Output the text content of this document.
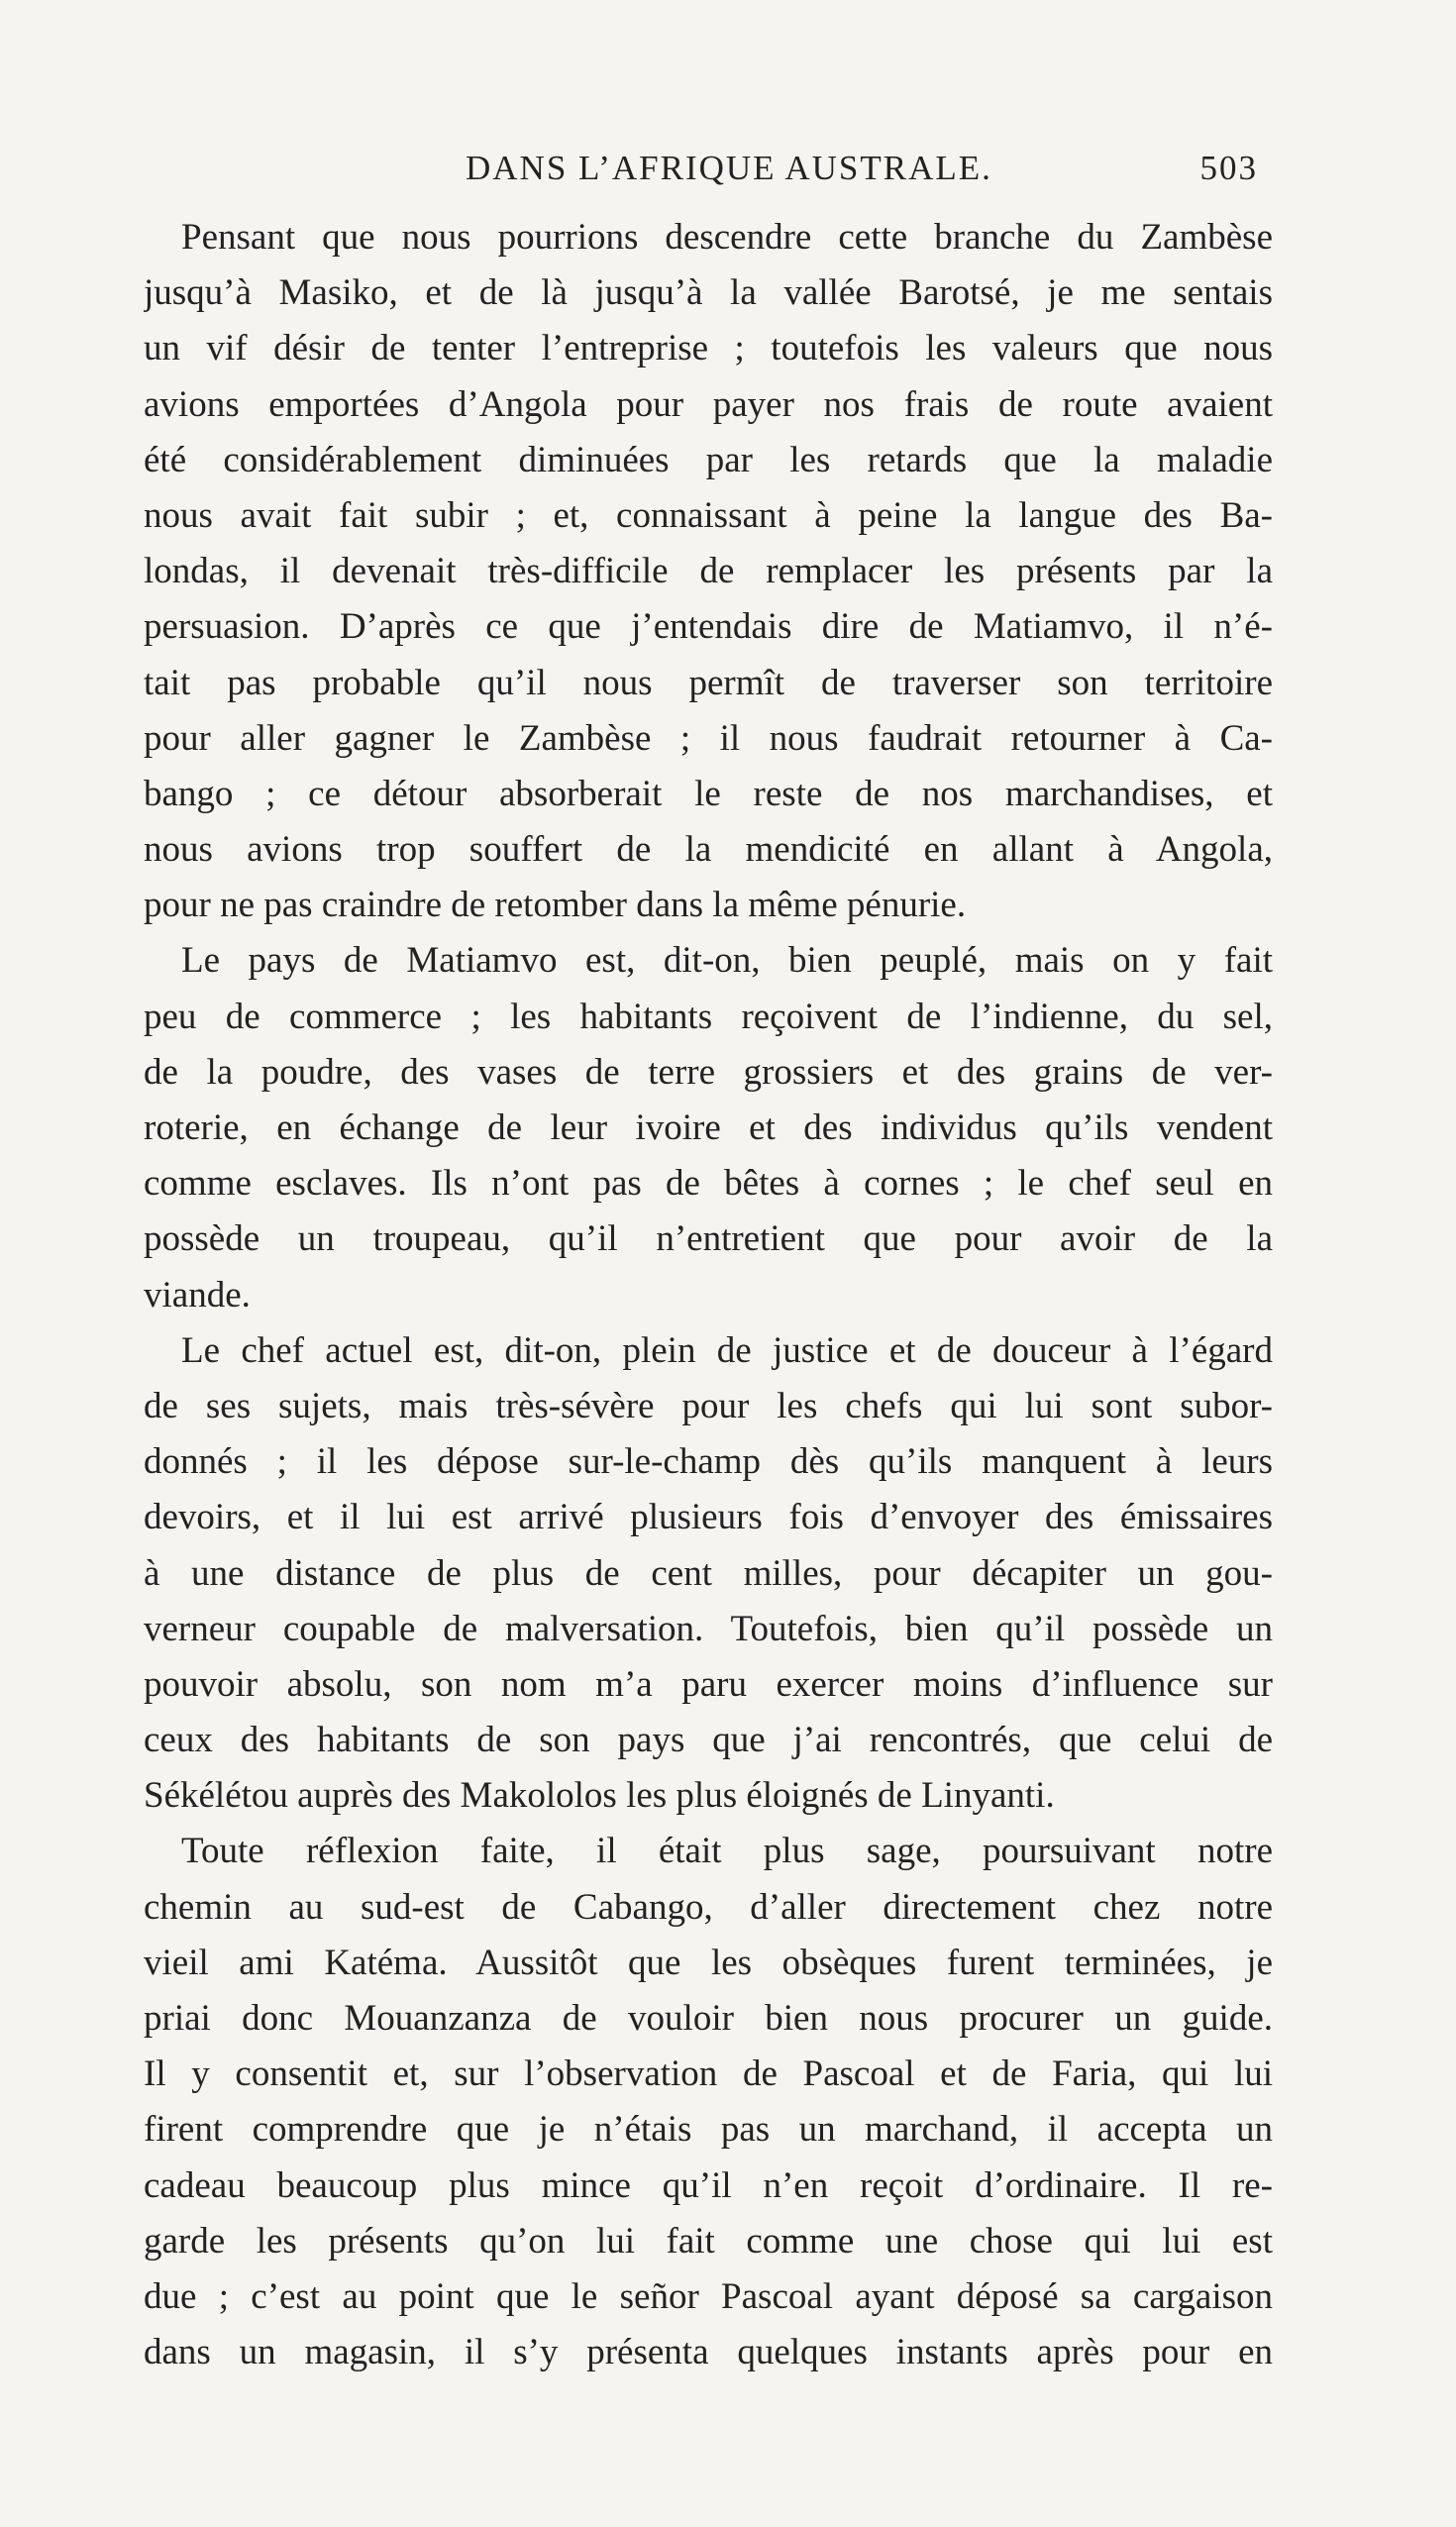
DANS L’AFRIQUE AUSTRALE.	503
Pensant que nous pourrions descendre cette branche du Zambèse
jusqu’à Masiko, et de là jusqu’à la vallée Barotsé, je me sentais
un vif désir de tenter l’entreprise ; toutefois les valeurs que nous
avions emportées d’Angola pour payer nos frais de route avaient
été considérablement diminuées par les retards que la maladie
nous avait fait subir ; et, connaissant à peine la langue des Ba-
londas, il devenait très-difficile de remplacer les présents par la
persuasion. D’après ce que j’entendais dire de Matiamvo, il n’é-
tait pas probable qu’il nous permît de traverser son territoire
pour aller gagner le Zambèse ; il nous faudrait retourner à Ca-
bango ; ce détour absorberait le reste de nos marchandises, et
nous avions trop souffert de la mendicité en allant à Angola,
pour ne pas craindre de retomber dans la même pénurie.
Le pays de Matiamvo est, dit-on, bien peuplé, mais on y fait
peu de commerce ; les habitants reçoivent de l’indienne, du sel,
de la poudre, des vases de terre grossiers et des grains de ver-
roterie, en échange de leur ivoire et des individus qu’ils vendent
comme esclaves. Ils n’ont pas de bêtes à cornes ; le chef seul en
possède un troupeau, qu’il n’entretient que pour avoir de la
viande.
Le chef actuel est, dit-on, plein de justice et de douceur à l’égard
de ses sujets, mais très-sévère pour les chefs qui lui sont subor-
donnés ; il les dépose sur-le-champ dès qu’ils manquent à leurs
devoirs, et il lui est arrivé plusieurs fois d’envoyer des émissaires
à une distance de plus de cent milles, pour décapiter un gou-
verneur coupable de malversation. Toutefois, bien qu’il possède un
pouvoir absolu, son nom m’a paru exercer moins d’influence sur
ceux des habitants de son pays que j’ai rencontrés, que celui de
Sékélétou auprès des Makololos les plus éloignés de Linyanti.
Toute réflexion faite, il était plus sage, poursuivant notre
chemin au sud-est de Cabango, d’aller directement chez notre
vieil ami Katéma. Aussitôt que les obsèques furent terminées, je
priai donc Mouanzanza de vouloir bien nous procurer un guide.
Il y consentit et, sur l’observation de Pascoal et de Faria, qui lui
firent comprendre que je n’étais pas un marchand, il accepta un
cadeau beaucoup plus mince qu’il n’en reçoit d’ordinaire. Il re-
garde les présents qu’on lui fait comme une chose qui lui est
due ; c’est au point que le señor Pascoal ayant déposé sa cargaison
dans un magasin, il s’y présenta quelques instants après pour en
